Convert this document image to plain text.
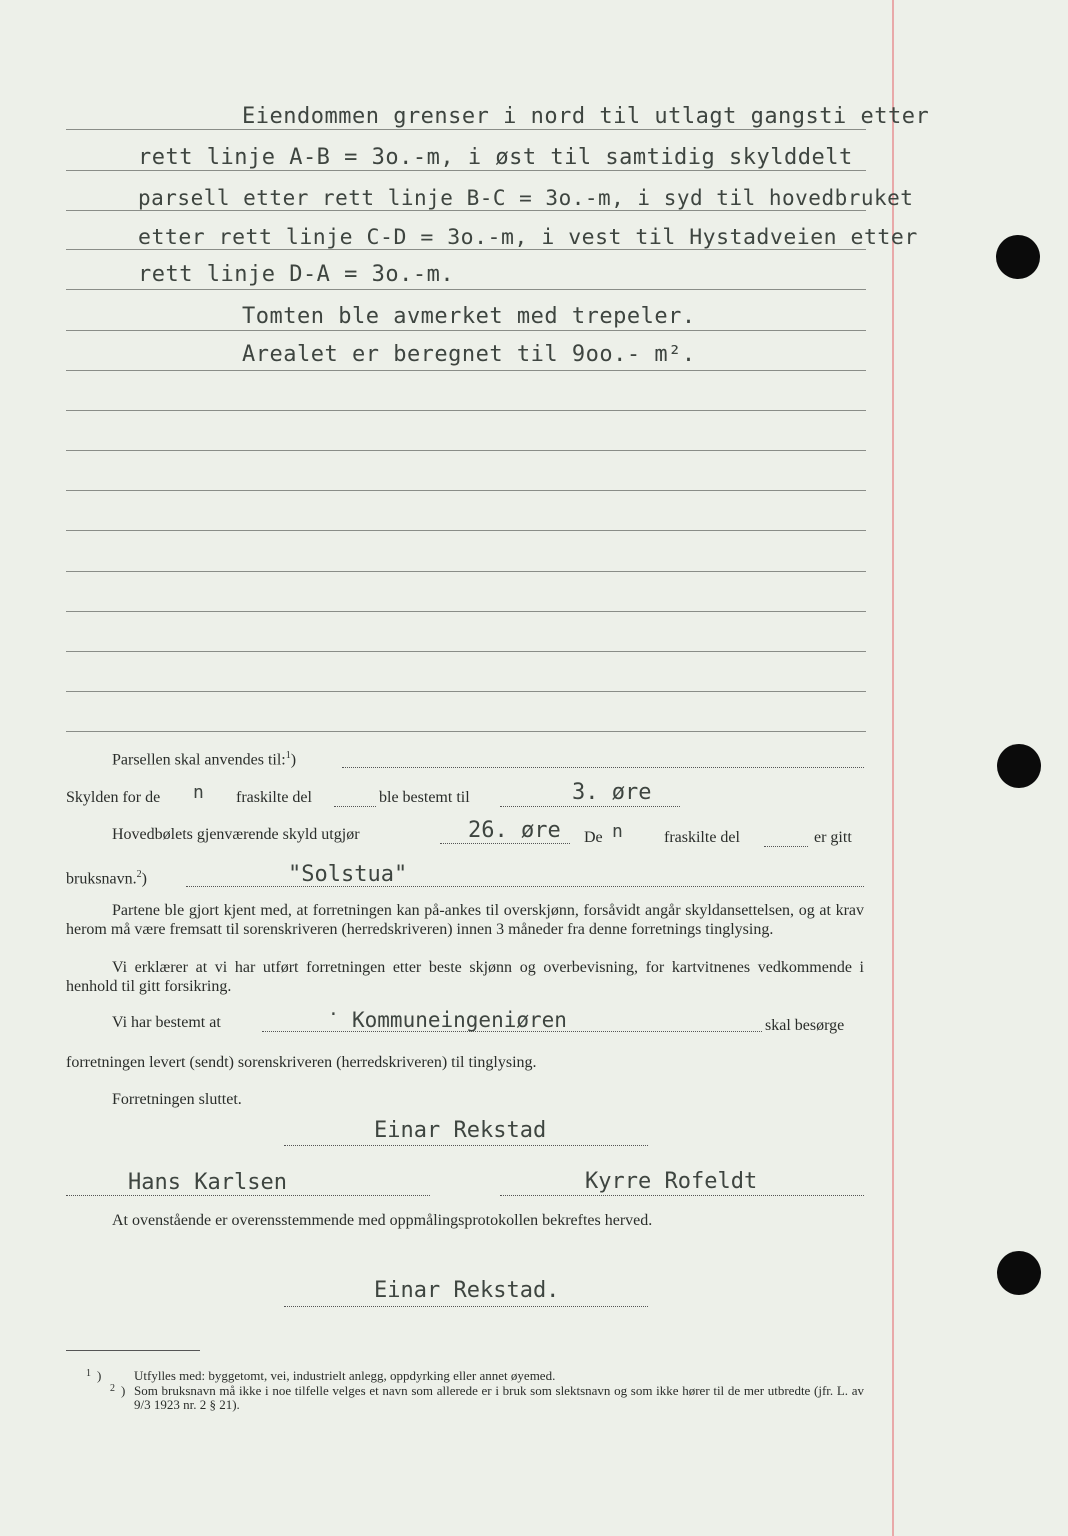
Eiendommen grenser i nord til utlagt gangsti etter
rett linje A-B = 3o.-m, i øst til samtidig skylddelt
parsell etter rett linje B-C = 3o.-m, i syd til hovedbruket
etter rett linje C-D = 3o.-m, i vest til Hystadveien etter
rett linje D-A = 3o.-m.
Tomten ble avmerket med trepeler.
Arealet er beregnet til 9oo.- m².
Parsellen skal anvendes til:$^1$)
Skylden for de n fraskilte del	ble bestemt til	3. øre
Hovedbølets gjenværende skyld utgjør	26. øre De n	fraskilte del	er gitt
bruksnavn.$^2$)	"Solstua"
Partene ble gjort kjent med, at forretningen kan på-ankes til overskjønn, forsåvidt angår skyldansettelsen, og at krav herom må være fremsatt til sorenskriveren (herredskriveren) innen 3 måneder fra denne forretnings tinglysing.
Vi erklærer at vi har utført forretningen etter beste skjønn og overbevisning, for kartvitnenes vedkommende i henhold til gitt forsikring.
Vi har bestemt at	· Kommuneingeniøren	skal besørge
forretningen levert (sendt) sorenskriveren (herredskriveren) til tinglysing.
Forretningen sluttet.
Einar Rekstad
Hans Karlsen	Kyrre Rofeldt
At ovenstående er overensstemmende med oppmålingsprotokollen bekreftes herved.
Einar Rekstad.
1 )	Utfylles med: byggetomt, vei, industrielt anlegg, oppdyrking eller annet øyemed.
2 ) Som bruksnavn må ikke i noe tilfelle velges et navn som allerede er i bruk som slektsnavn og som ikke hører til de mer utbredte (jfr. L. av 9/3 1923 nr. 2 § 21).
